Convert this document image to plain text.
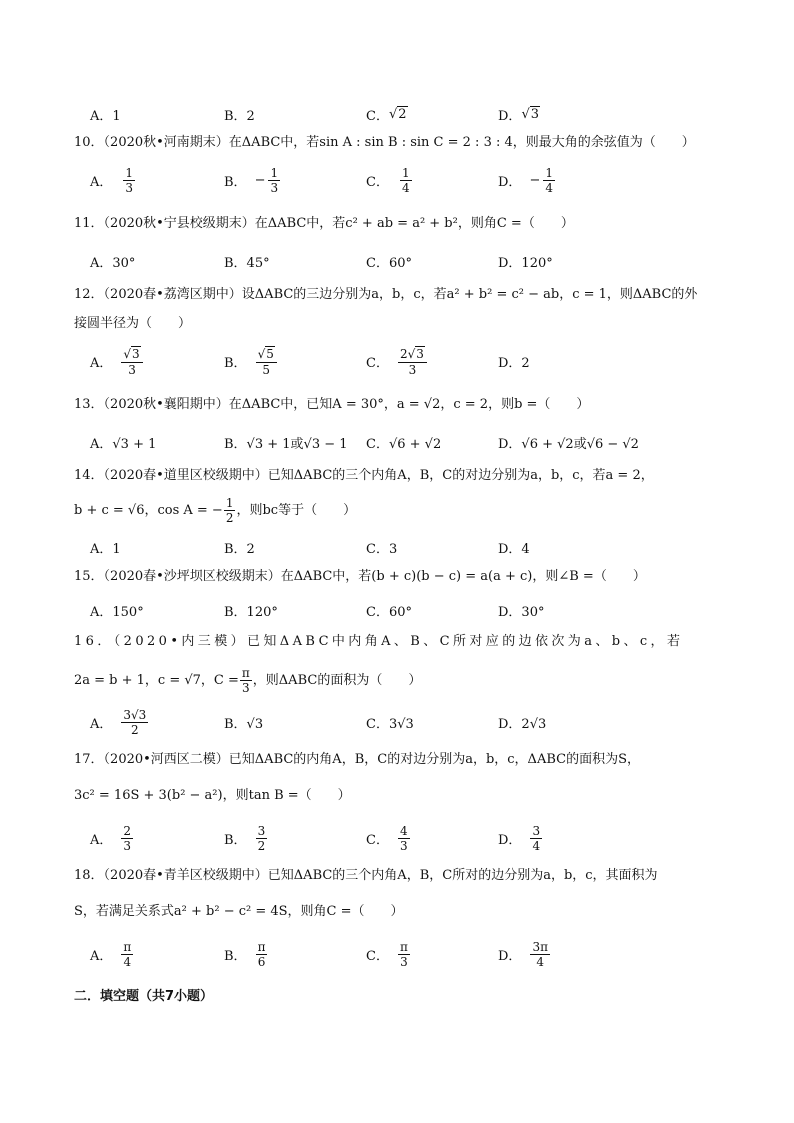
A．1	B．2	C． √2	D． √3
10．（2020秋•河南期末）在ΔABC中，若sin A : sin B : sin C = 2 : 3 : 4，则最大角的余弦值为（　　）
A． $\frac{1}{3}$	B． − $\frac{1}{3}$	C． $\frac{1}{4}$	D． − $\frac{1}{4}$
11．（2020秋•宁县校级期末）在ΔABC中，若c² + ab = a² + b²，则角C =（　　）
A．30°	B．45°	C．60°	D．120°
12．（2020春•荔湾区期中）设ΔABC的三边分别为a，b，c，若a² + b² = c² − ab，c = 1，则ΔABC的外
接圆半径为（　　）
A． $\frac{√3}{3}$	B． $\frac{√5}{5}$	C． $\frac{2√3}{3}$	D．2
13．（2020秋•襄阳期中）在ΔABC中，已知A = 30°，a = √2，c = 2，则b =（　　）
A．√3 + 1	B．√3 + 1或√3 − 1 C．√6 + √2	D．√6 + √2或√6 − √2
14．（2020春•道里区校级期中）已知ΔABC的三个内角A，B，C的对边分别为a，b，c，若a = 2，
b + c = √6，cos A = − $\frac{1}{2}$ ，则bc等于（　　）
A．1	B．2	C．3	D．4
15．（2020春•沙坪坝区校级期末）在ΔABC中，若(b + c)(b − c) = a(a + c)，则∠B =（　　）
A．150°	B．120°	C．60°	D．30°
16．（2020•内三模）已知ΔABC中内角A、B、C所对应的边依次为a、b、c，若
2a = b + 1，c = √7，$C = \frac{\pi}{3}$ ，则ΔABC的面积为（　　）
A． $\frac{3√3}{2}$	B．√3	C．3√3	D．2√3
17．（2020•河西区二模）已知ΔABC的内角A，B，C的对边分别为a，b，c，ΔABC的面积为S，
3c² = 16S + 3(b² − a²)，则tan B =（　　）
A． $\frac{2}{3}$	B． $\frac{3}{2}$	C． $\frac{4}{3}$	D． $\frac{3}{4}$
18．（2020春•青羊区校级期中）已知ΔABC的三个内角A，B，C所对的边分别为a，b，c，其面积为
S，若满足关系式a² + b² − c² = 4S，则角C =（　　）
A． $\frac{\pi}{4}$	B． $\frac{\pi}{6}$	C． $\frac{\pi}{3}$	D． $\frac{3\pi}{4}$
二．填空题（共7小题）
